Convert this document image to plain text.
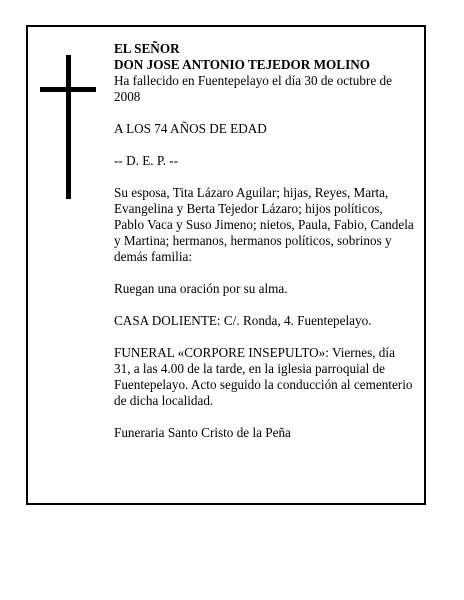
EL SEÑOR
DON JOSE ANTONIO TEJEDOR MOLINO

Ha fallecido en Fuentepelayo el día 30 de octubre de 2008

A LOS 74 AÑOS DE EDAD

-- D. E. P. --

Su esposa, Tita Lázaro Aguilar; hijas, Reyes, Marta, Evangelina y Berta Tejedor Lázaro; hijos políticos, Pablo Vaca y Suso Jimeno; nietos, Paula, Fabio, Candela y Martina; hermanos, hermanos políticos, sobrinos y demás familia:

Ruegan una oración por su alma.

CASA DOLIENTE: C/. Ronda, 4. Fuentepelayo.

FUNERAL «CORPORE INSEPULTO»: Viernes, día 31, a las 4.00 de la tarde, en la iglesia parroquial de Fuentepelayo. Acto seguido la conducción al cementerio de dicha localidad.

Funeraria Santo Cristo de la Peña
